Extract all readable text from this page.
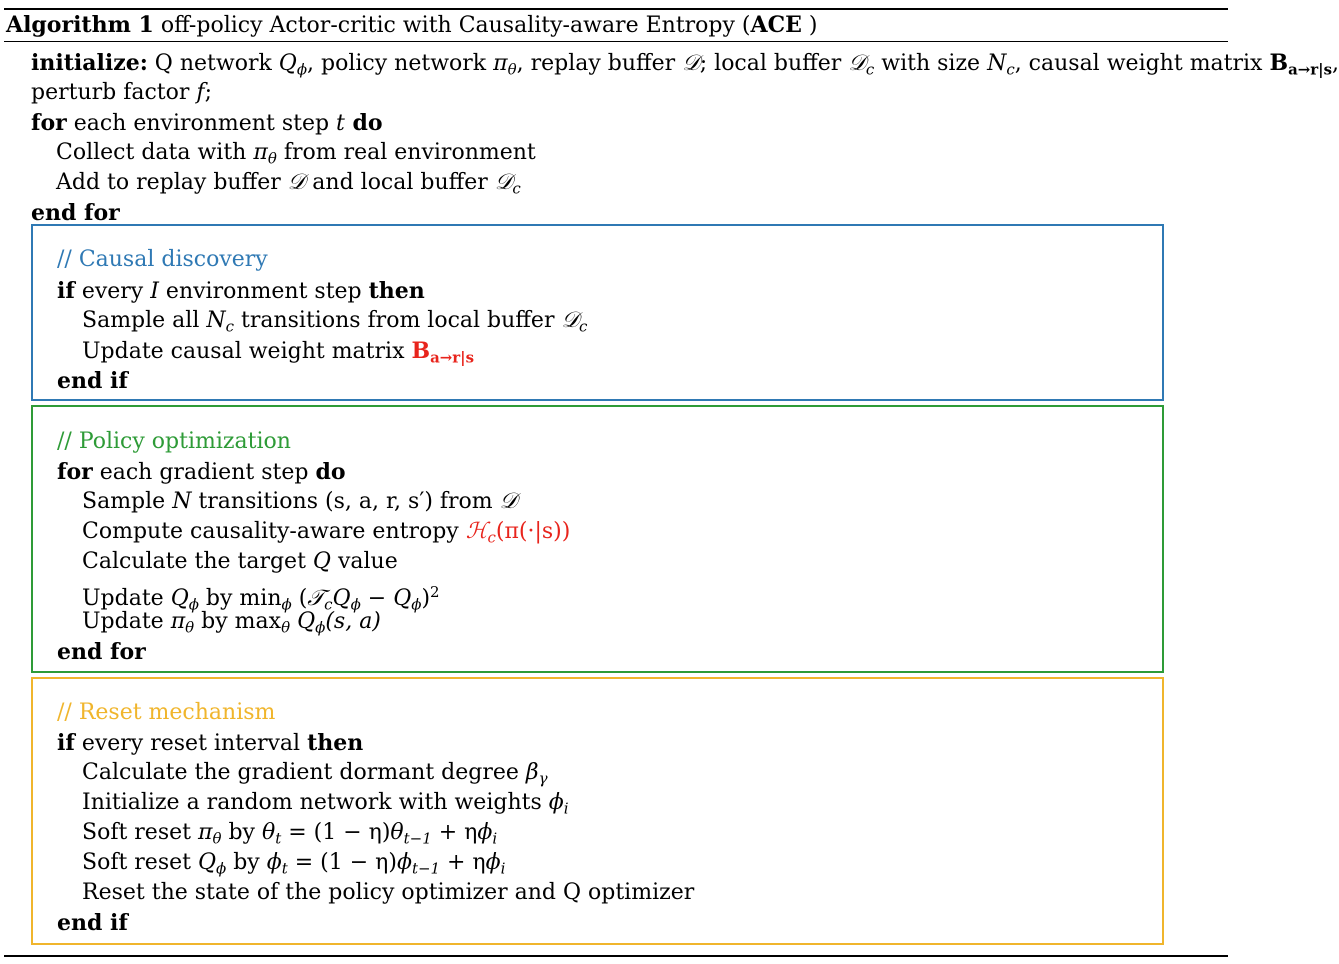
Algorithm 1 off-policy Actor-critic with Causality-aware Entropy (ACE )
initialize: Q network $Q_\phi$, policy network $\pi_\theta$, replay buffer 𝒟; local buffer 𝒟$_c$ with size $N_c$, causal weight matrix $B_{a\to r|s}$,
perturb factor f;
for each environment step t do
Collect data with $\pi_\theta$ from real environment
Add to replay buffer 𝒟 and local buffer 𝒟$_c$
end for
// Causal discovery
if every I environment step then
Sample all $N_c$ transitions from local buffer 𝒟$_c$
Update causal weight matrix $B_{a\to r|s}$
end if
// Policy optimization
for each gradient step do
Sample N transitions (s, a, r, s′) from 𝒟
Compute causality-aware entropy ℋ$_c$(π(·|s))
Calculate the target Q value
Update $Q_\phi$ by $\min_\phi$ $(𝒯_cQ_\phi - Q_\phi)^2$
Update $\pi_\theta$ by $\max_\theta Q_\phi(s$, a)
end for
// Reset mechanism
if every reset interval then
Calculate the gradient dormant degree $\beta_\gamma$
Initialize a random network with weights $\phi_i$
Soft reset $\pi_\theta$ by $\theta_t = (1 - \eta)\theta_{t-1} + \eta\phi_i$
Soft reset $Q_\phi$ by $\phi_t = (1 - \eta)\phi_{t-1} + \eta\phi_i$
Reset the state of the policy optimizer and Q optimizer
end if
